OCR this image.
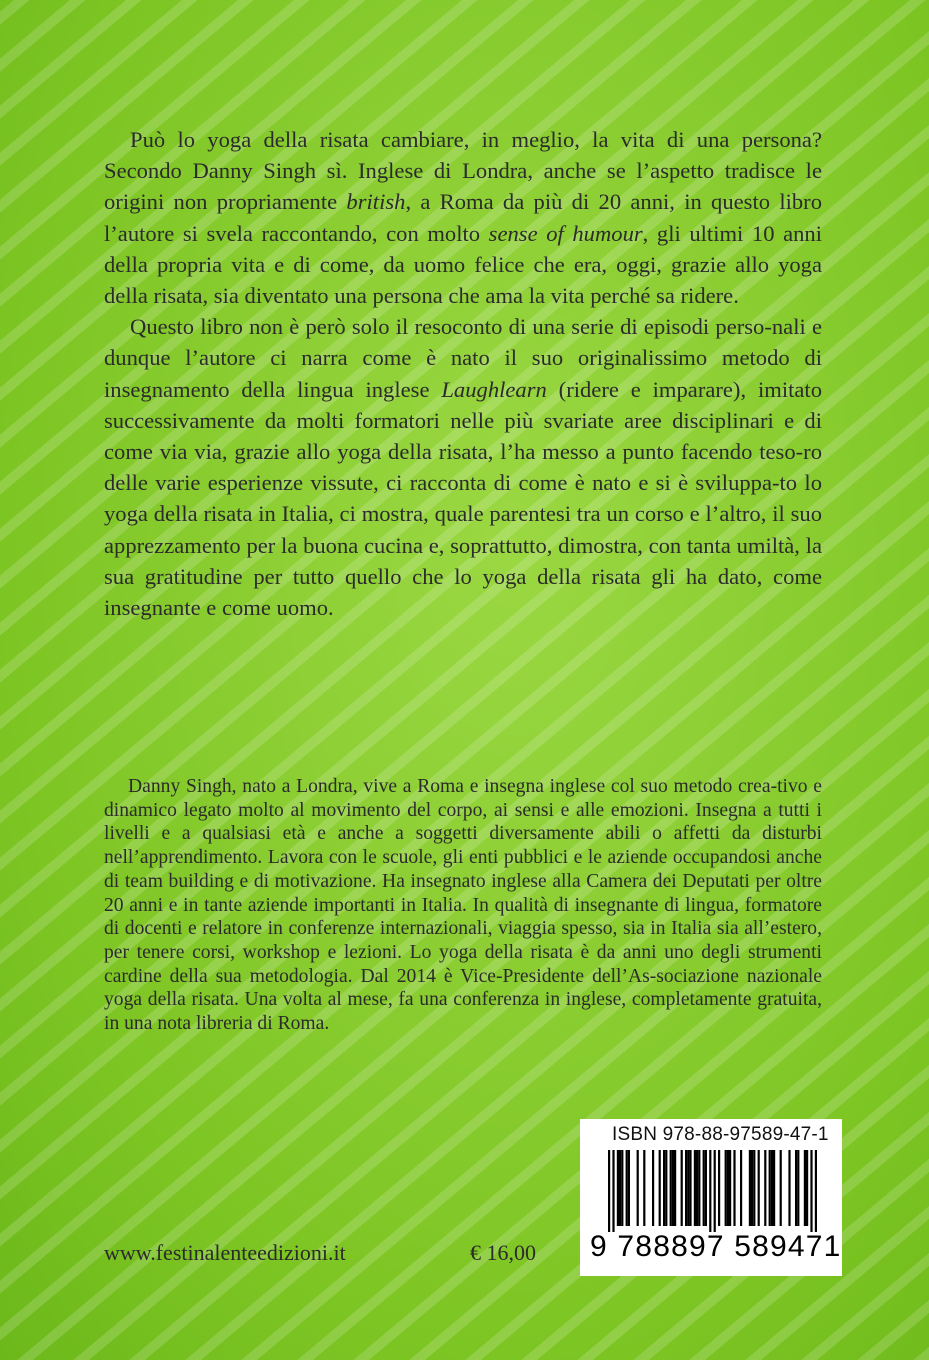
Può lo yoga della risata cambiare, in meglio, la vita di una persona? Secondo Danny Singh sì. Inglese di Londra, anche se l’aspetto tradisce le origini non propriamente british, a Roma da più di 20 anni, in questo libro l’autore si svela raccontando, con molto sense of humour, gli ultimi 10 anni della propria vita e di come, da uomo felice che era, oggi, grazie allo yoga della risata, sia diventato una persona che ama la vita perché sa ridere.

Questo libro non è però solo il resoconto di una serie di episodi perso-nali e dunque l’autore ci narra come è nato il suo originalissimo metodo di insegnamento della lingua inglese Laughlearn (ridere e imparare), imitato successivamente da molti formatori nelle più svariate aree disciplinari e di come via via, grazie allo yoga della risata, l’ha messo a punto facendo teso-ro delle varie esperienze vissute, ci racconta di come è nato e si è sviluppa-to lo yoga della risata in Italia, ci mostra, quale parentesi tra un corso e l’altro, il suo apprezzamento per la buona cucina e, soprattutto, dimostra, con tanta umiltà, la sua gratitudine per tutto quello che lo yoga della risata gli ha dato, come insegnante e come uomo.

Danny Singh, nato a Londra, vive a Roma e insegna inglese col suo metodo crea-tivo e dinamico legato molto al movimento del corpo, ai sensi e alle emozioni. Insegna a tutti i livelli e a qualsiasi età e anche a soggetti diversamente abili o affetti da disturbi nell’apprendimento. Lavora con le scuole, gli enti pubblici e le aziende occupandosi anche di team building e di motivazione. Ha insegnato inglese alla Camera dei Deputati per oltre 20 anni e in tante aziende importanti in Italia. In qualità di insegnante di lingua, formatore di docenti e relatore in conferenze internazionali, viaggia spesso, sia in Italia sia all’estero, per tenere corsi, workshop e lezioni. Lo yoga della risata è da anni uno degli strumenti cardine della sua metodologia. Dal 2014 è Vice-Presidente dell’As-sociazione nazionale yoga della risata. Una volta al mese, fa una conferenza in inglese, completamente gratuita, in una nota libreria di Roma.

www.festinalenteedizioni.it	€ 16,00
ISBN 978-88-97589-47-1
9 788897 589471
